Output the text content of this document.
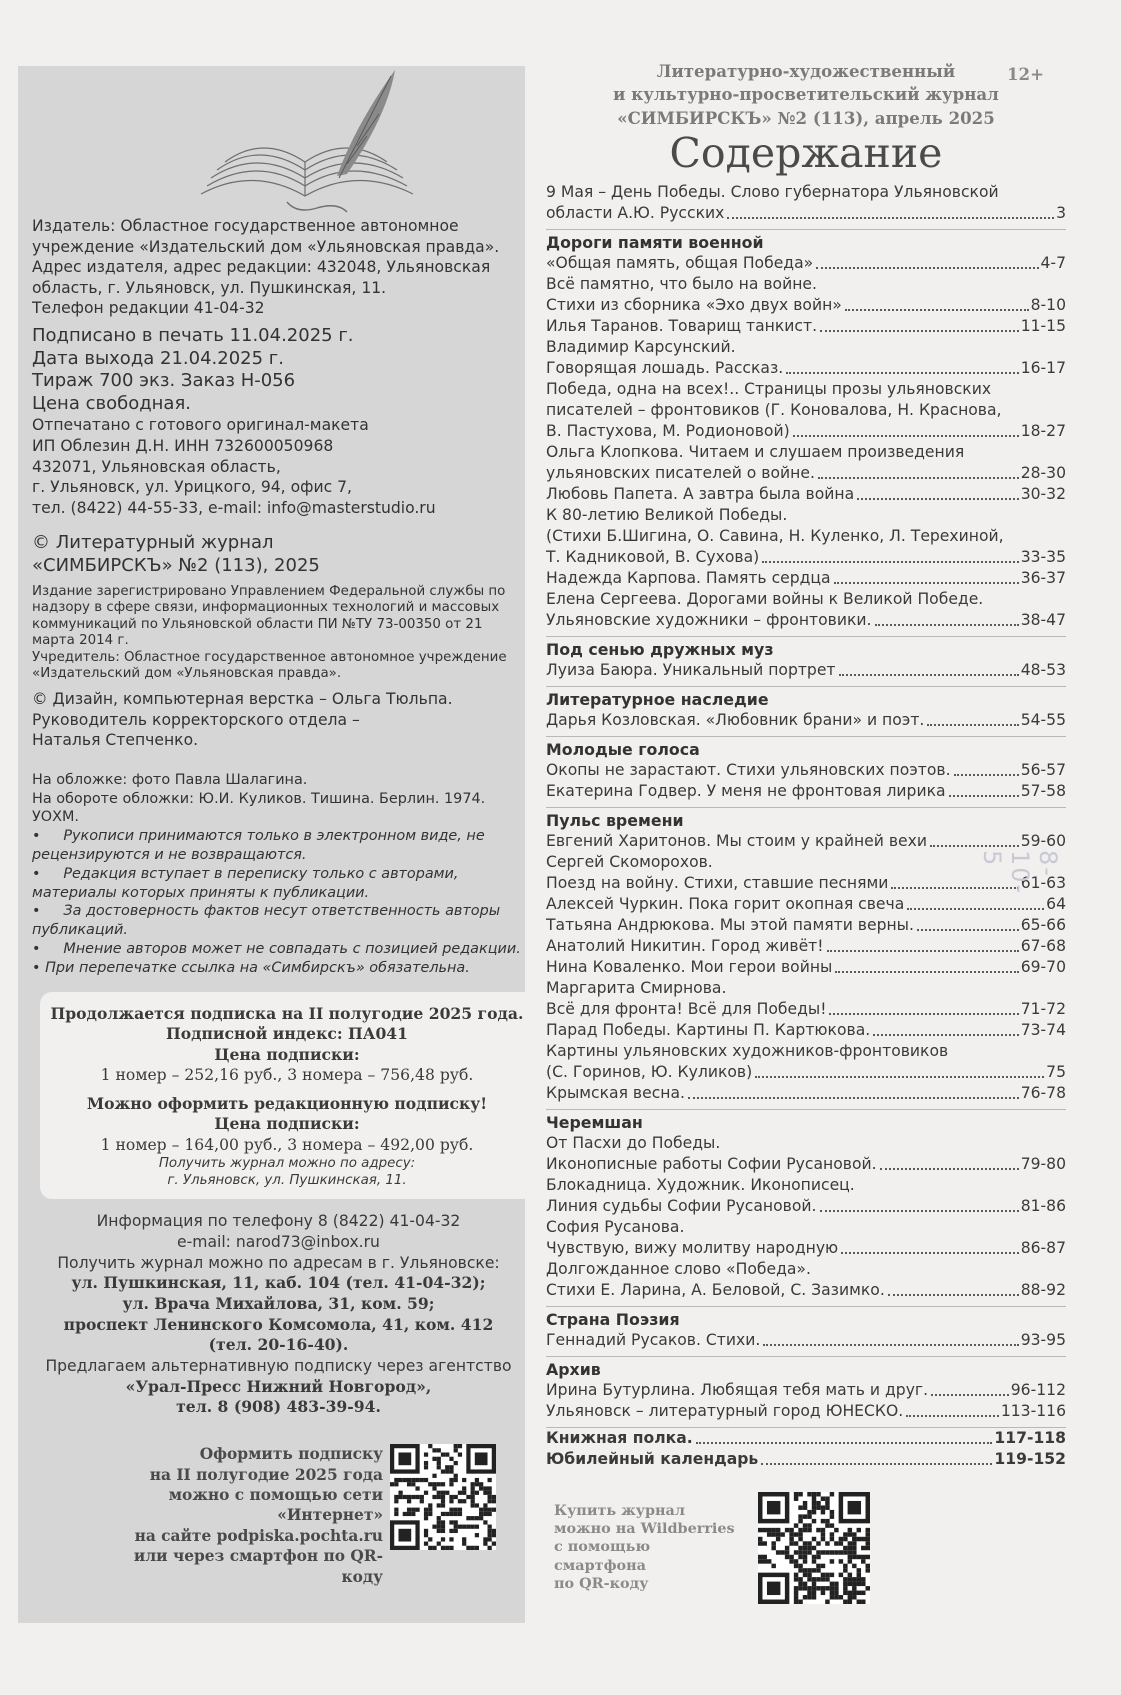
Издатель: Областное государственное автономное учреждение «Издательский дом «Ульяновская правда».

Адрес издателя, адрес редакции: 432048, Ульяновская область, г. Ульяновск, ул. Пушкинская, 11.

Телефон редакции 41-04-32

Подписано в печать 11.04.2025 г.

Дата выхода 21.04.2025 г.

Тираж 700 экз. Заказ Н-056

Цена свободная.

Отпечатано с готового оригинал-макета

ИП Облезин Д.Н. ИНН 732600050968

432071, Ульяновская область,

г. Ульяновск, ул. Урицкого, 94, офис 7,

тел. (8422) 44-55-33, e-mail: info@masterstudio.ru

© Литературный журнал «СИМБИРСКЪ» №2 (113), 2025

Издание зарегистрировано Управлением Федеральной службы по надзору в сфере связи, информационных технологий и массовых коммуникаций по Ульяновской области ПИ №ТУ 73-00350 от 21 марта 2014 г.

Учредитель: Областное государственное автономное учреждение «Издательский дом «Ульяновская правда».

© Дизайн, компьютерная верстка – Ольга Тюльпа.

Руководитель корректорского отдела –

Наталья Степченко.

На обложке: фото Павла Шалагина.

На обороте обложки: Ю.И. Куликов. Тишина. Берлин. 1974. УОХМ.

•     Рукописи принимаются только в электронном виде, не рецензируются и не возвращаются.

•     Редакция вступает в переписку только с авторами, материалы которых приняты к публикации.

•     За достоверность фактов несут ответственность авторы публикаций.

•     Мнение авторов может не совпадать с позицией редакции.

• При перепечатке ссылка на «Симбирскъ» обязательна.

Продолжается подписка на II полугодие 2025 года.
Подписной индекс: ПА041
Цена подписки:
1 номер – 252,16 руб., 3 номера – 756,48 руб.
Можно оформить редакционную подписку!
Цена подписки:
1 номер – 164,00 руб., 3 номера – 492,00 руб.
Получить журнал можно по адресу:
г. Ульяновск, ул. Пушкинская, 11.

Информация по телефону 8 (8422) 41-04-32

e-mail: narod73@inbox.ru

Получить журнал можно по адресам в г. Ульяновске:

ул. Пушкинская, 11, каб. 104 (тел. 41-04-32);

ул. Врача Михайлова, 31, ком. 59;

проспект Ленинского Комсомола, 41, ком. 412

(тел. 20-16-40).

Предлагаем альтернативную подписку через агентство

«Урал-Пресс Нижний Новгород»,

тел. 8 (908) 483-39-94.

Оформить подписку
на II полугодие 2025 года
можно с помощью сети «Интернет»
на сайте podpiska.pochta.ru
или через смартфон по QR-коду
12+
Литературно-художественный
и культурно-просветительский журнал
«СИМБИРСКЪ» №2 (113), апрель 2025
Содержание
9 Мая – День Победы. Слово губернатора Ульяновской
области А.Ю. Русских	3
Дороги памяти военной
«Общая память, общая Победа»	4-7
Всё памятно, что было на войне.
Стихи из сборника «Эхо двух войн»	8-10
Илья Таранов. Товарищ танкист.	11-15
Владимир Карсунский.
Говорящая лошадь. Рассказ.	16-17
Победа, одна на всех!.. Страницы прозы ульяновских
писателей – фронтовиков (Г. Коновалова, Н. Краснова,
В. Пастухова, М. Родионовой)	18-27
Ольга Клопкова. Читаем и слушаем произведения
ульяновских писателей о войне.	28-30
Любовь Папета. А завтра была война	30-32
К 80-летию Великой Победы.
(Стихи Б.Шигина, О. Савина, Н. Куленко, Л. Терехиной,
Т. Кадниковой, В. Сухова)	33-35
Надежда Карпова. Память сердца	36-37
Елена Сергеева. Дорогами войны к Великой Победе.
Ульяновские художники – фронтовики.	38-47
Под сенью дружных муз
Луиза Баюра. Уникальный портрет	48-53
Литературное наследие
Дарья Козловская. «Любовник брани» и поэт.	54-55
Молодые голоса
Окопы не зарастают. Стихи ульяновских поэтов.	56-57
Екатерина Годвер. У меня не фронтовая лирика	57-58
Пульс времени
Евгений Харитонов. Мы стоим у крайней вехи	59-60
Сергей Скоморохов.
Поезд на войну. Стихи, ставшие песнями	61-63
Алексей Чуркин. Пока горит окопная свеча	64
Татьяна Андрюкова. Мы этой памяти верны.	65-66
Анатолий Никитин. Город живёт!	67-68
Нина Коваленко. Мои герои войны	69-70
Маргарита Смирнова.
Всё для фронта! Всё для Победы!	71-72
Парад Победы. Картины П. Картюкова.	73-74
Картины ульяновских художников-фронтовиков
(С. Горинов, Ю. Куликов)	75
Крымская весна.	76-78
Черемшан
От Пасхи до Победы.
Иконописные работы Софии Русановой.	79-80
Блокадница. Художник. Иконописец.
Линия судьбы Софии Русановой.	81-86
София Русанова.
Чувствую, вижу молитву народную	86-87
Долгожданное слово «Победа».
Стихи Е. Ларина, А. Беловой, С. Зазимко.	88-92
Страна Поэзия
Геннадий Русаков. Стихи.	93-95
Архив
Ирина Бутурлина. Любящая тебя мать и друг.	96-112
Ульяновск – литературный город ЮНЕСКО.	113-116
Книжная полка.	117-118
Юбилейный календарь	119-152
Купить журнал
можно на Wildberries
с помощью
смартфона
по QR-коду
8-10-5
